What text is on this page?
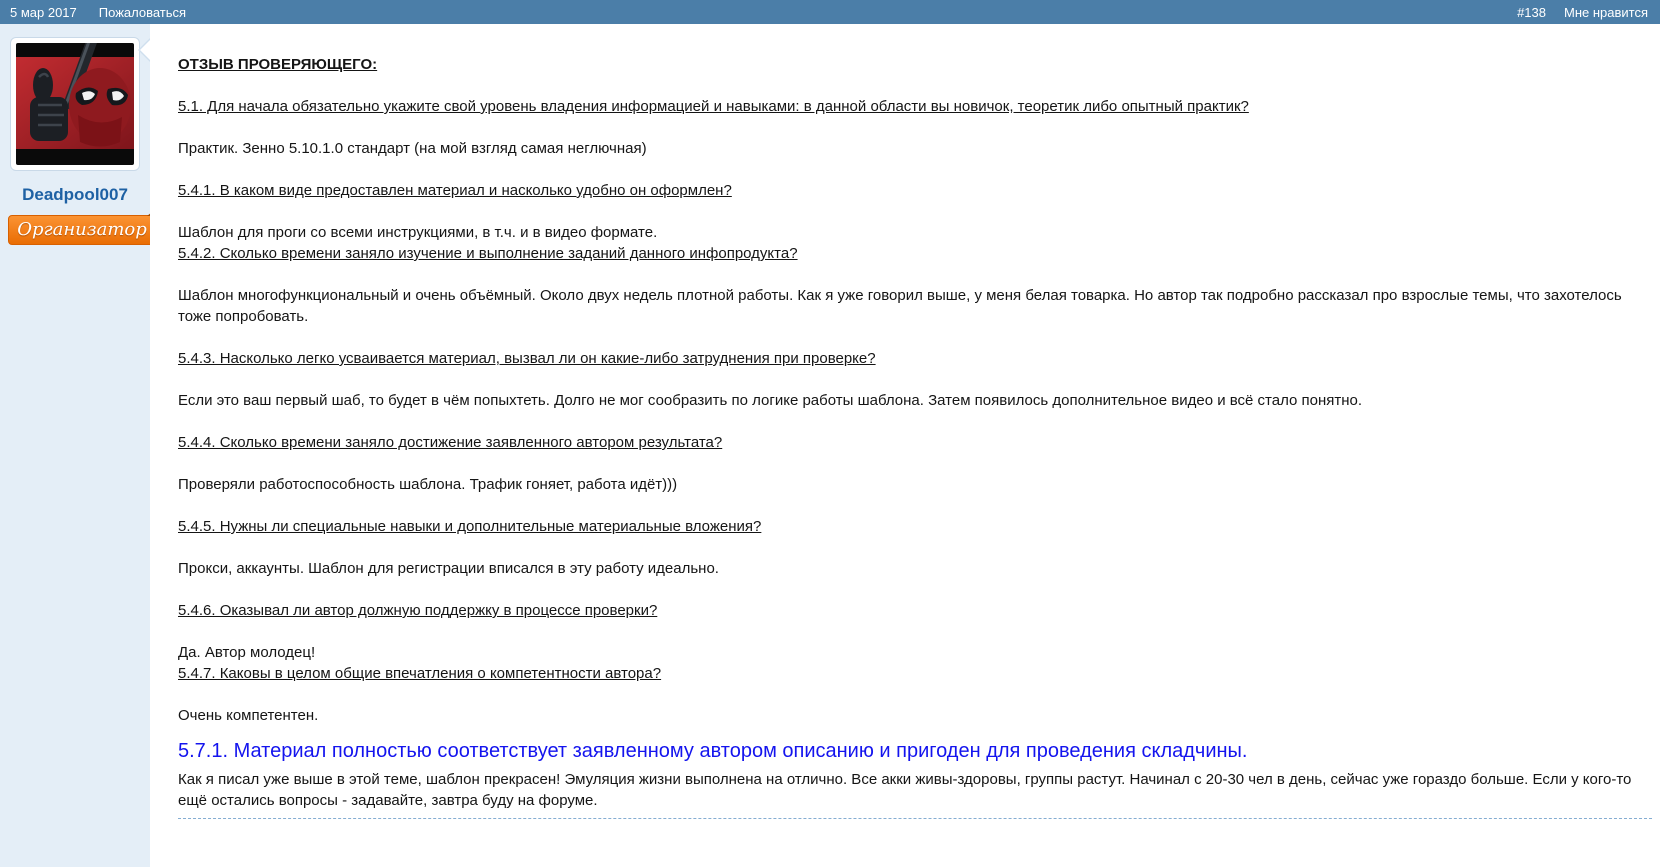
5 мар 2017 Пожаловаться	#138 Мне нравится
Deadpool007
Организатор
ОТЗЫВ ПРОВЕРЯЮЩЕГО:
5.1. Для начала обязательно укажите свой уровень владения информацией и навыками: в данной области вы новичок, теоретик либо опытный практик?
Практик. Зенно 5.10.1.0 стандарт (на мой взгляд самая неглючная)
5.4.1. В каком виде предоставлен материал и насколько удобно он оформлен?
Шаблон для проги со всеми инструкциями, в т.ч. и в видео формате.
5.4.2. Сколько времени заняло изучение и выполнение заданий данного инфопродукта?
Шаблон многофункциональный и очень объёмный. Около двух недель плотной работы. Как я уже говорил выше, у меня белая товарка. Но автор так подробно рассказал про взрослые темы, что захотелось тоже попробовать.
5.4.3. Насколько легко усваивается материал, вызвал ли он какие-либо затруднения при проверке?
Если это ваш первый шаб, то будет в чём попыхтеть. Долго не мог сообразить по логике работы шаблона. Затем появилось дополнительное видео и всё стало понятно.
5.4.4. Сколько времени заняло достижение заявленного автором результата?
Проверяли работоспособность шаблона. Трафик гоняет, работа идёт)))
5.4.5. Нужны ли специальные навыки и дополнительные материальные вложения?
Прокси, аккаунты. Шаблон для регистрации вписался в эту работу идеально.
5.4.6. Оказывал ли автор должную поддержку в процессе проверки?
Да. Автор молодец!
5.4.7. Каковы в целом общие впечатления о компетентности автора?
Очень компетентен.
5.7.1. Материал полностью соответствует заявленному автором описанию и пригоден для проведения складчины.
Как я писал уже выше в этой теме, шаблон прекрасен! Эмуляция жизни выполнена на отлично. Все акки живы-здоровы, группы растут. Начинал с 20-30 чел в день, сейчас уже гораздо больше. Если у кого-то ещё остались вопросы - задавайте, завтра буду на форуме.
